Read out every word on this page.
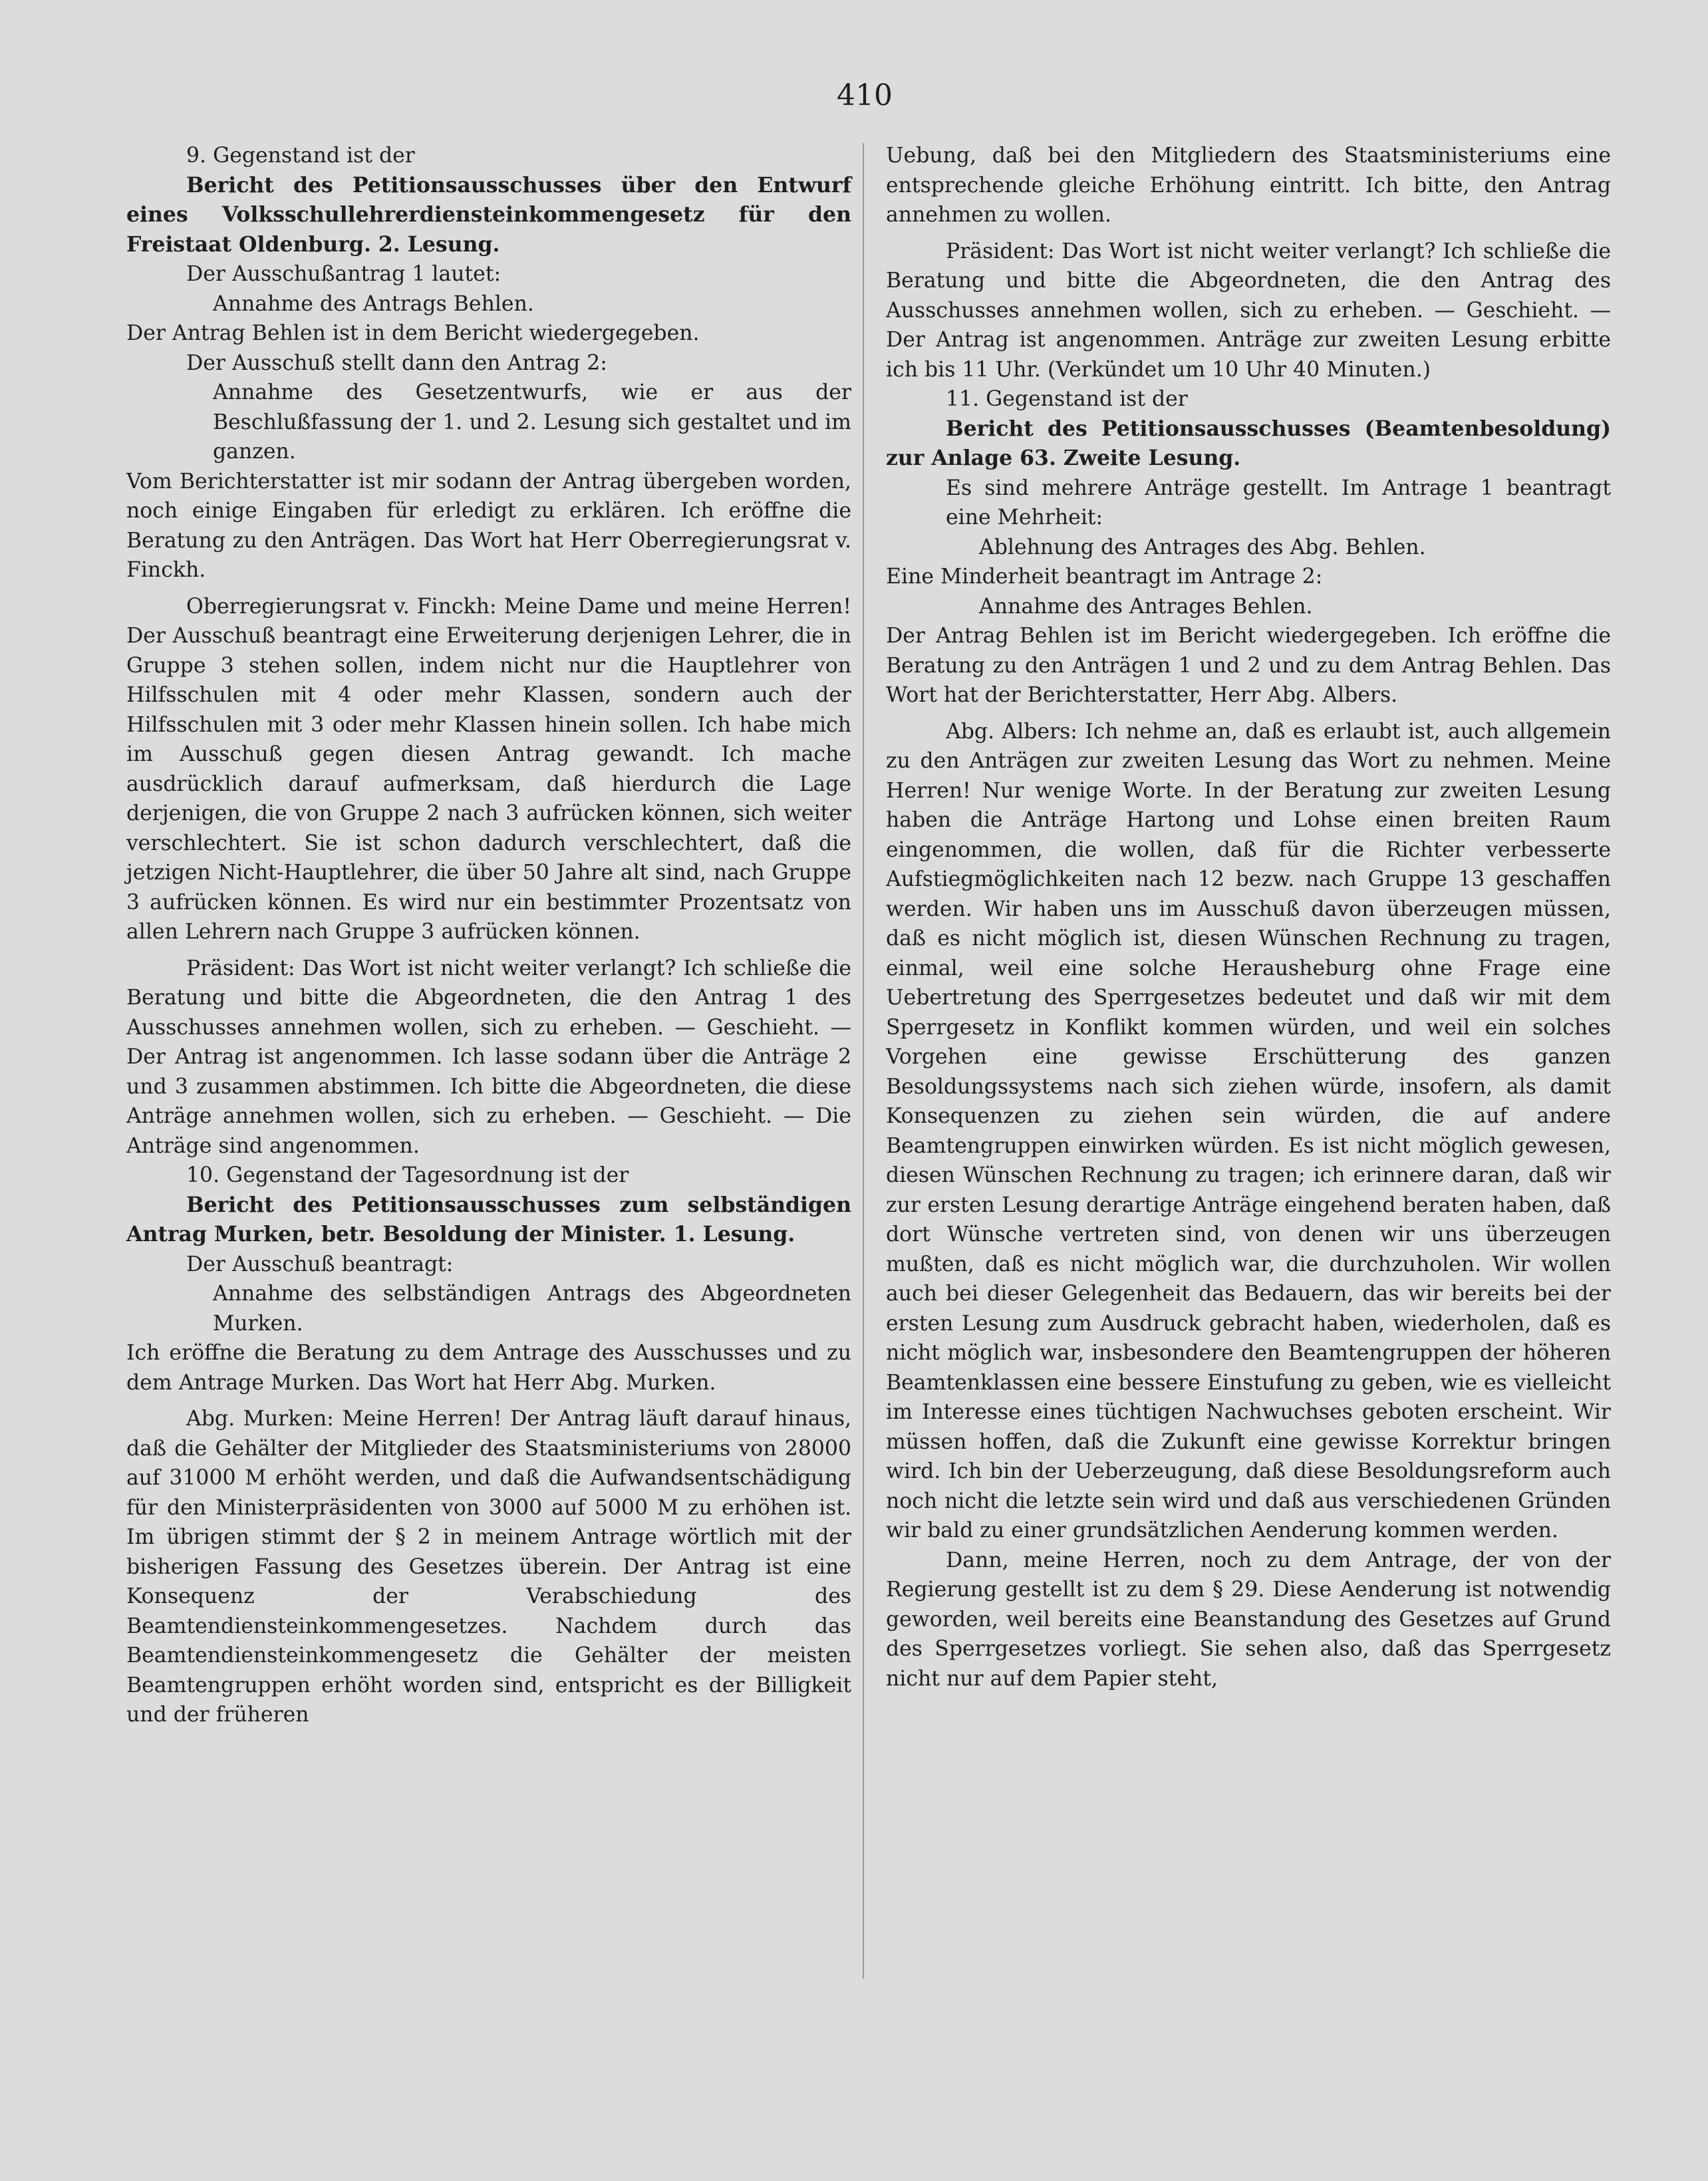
410

9. Gegenstand ist der

Bericht des Petitionsausschusses über den Entwurf eines Volksschullehrerdiensteinkommengesetz für den Freistaat Oldenburg. 2. Lesung.

Der Ausschußantrag 1 lautet:

Annahme des Antrags Behlen.

Der Antrag Behlen ist in dem Bericht wiedergegeben.

Der Ausschuß stellt dann den Antrag 2:

Annahme des Gesetzentwurfs, wie er aus der Beschlußfassung der 1. und 2. Lesung sich gestaltet und im ganzen.

Vom Berichterstatter ist mir sodann der Antrag übergeben worden, noch einige Eingaben für erledigt zu erklären. Ich eröffne die Beratung zu den Anträgen. Das Wort hat Herr Oberregierungsrat v. Finckh.

Oberregierungsrat v. Finckh: Meine Dame und meine Herren! Der Ausschuß beantragt eine Erweiterung derjenigen Lehrer, die in Gruppe 3 stehen sollen, indem nicht nur die Hauptlehrer von Hilfsschulen mit 4 oder mehr Klassen, sondern auch der Hilfsschulen mit 3 oder mehr Klassen hinein sollen. Ich habe mich im Ausschuß gegen diesen Antrag gewandt. Ich mache ausdrücklich darauf aufmerksam, daß hierdurch die Lage derjenigen, die von Gruppe 2 nach 3 aufrücken können, sich weiter verschlechtert. Sie ist schon dadurch verschlechtert, daß die jetzigen Nicht-Hauptlehrer, die über 50 Jahre alt sind, nach Gruppe 3 aufrücken können. Es wird nur ein bestimmter Prozentsatz von allen Lehrern nach Gruppe 3 aufrücken können.

Präsident: Das Wort ist nicht weiter verlangt? Ich schließe die Beratung und bitte die Abgeordneten, die den Antrag 1 des Ausschusses annehmen wollen, sich zu erheben. — Geschieht. — Der Antrag ist angenommen. Ich lasse sodann über die Anträge 2 und 3 zusammen abstimmen. Ich bitte die Abgeordneten, die diese Anträge annehmen wollen, sich zu erheben. — Geschieht. — Die Anträge sind angenommen.

10. Gegenstand der Tagesordnung ist der

Bericht des Petitionsausschusses zum selbständigen Antrag Murken, betr. Besoldung der Minister. 1. Lesung.

Der Ausschuß beantragt:

Annahme des selbständigen Antrags des Abgeordneten Murken.

Ich eröffne die Beratung zu dem Antrage des Ausschusses und zu dem Antrage Murken. Das Wort hat Herr Abg. Murken.

Abg. Murken: Meine Herren! Der Antrag läuft darauf hinaus, daß die Gehälter der Mitglieder des Staatsministeriums von 28000 auf 31000 M erhöht werden, und daß die Aufwandsentschädigung für den Ministerpräsidenten von 3000 auf 5000 M zu erhöhen ist. Im übrigen stimmt der § 2 in meinem Antrage wörtlich mit der bisherigen Fassung des Gesetzes überein. Der Antrag ist eine Konsequenz der Verabschiedung des Beamtendiensteinkommengesetzes. Nachdem durch das Beamtendiensteinkommengesetz die Gehälter der meisten Beamtengruppen erhöht worden sind, entspricht es der Billigkeit und der früheren

Uebung, daß bei den Mitgliedern des Staatsministeriums eine entsprechende gleiche Erhöhung eintritt. Ich bitte, den Antrag annehmen zu wollen.

Präsident: Das Wort ist nicht weiter verlangt? Ich schließe die Beratung und bitte die Abgeordneten, die den Antrag des Ausschusses annehmen wollen, sich zu erheben. — Geschieht. — Der Antrag ist angenommen. Anträge zur zweiten Lesung erbitte ich bis 11 Uhr. (Verkündet um 10 Uhr 40 Minuten.)

11. Gegenstand ist der

Bericht des Petitionsausschusses (Beamtenbesoldung) zur Anlage 63. Zweite Lesung.

Es sind mehrere Anträge gestellt. Im Antrage 1 beantragt eine Mehrheit:

Ablehnung des Antrages des Abg. Behlen.

Eine Minderheit beantragt im Antrage 2:

Annahme des Antrages Behlen.

Der Antrag Behlen ist im Bericht wiedergegeben. Ich eröffne die Beratung zu den Anträgen 1 und 2 und zu dem Antrag Behlen. Das Wort hat der Berichterstatter, Herr Abg. Albers.

Abg. Albers: Ich nehme an, daß es erlaubt ist, auch allgemein zu den Anträgen zur zweiten Lesung das Wort zu nehmen. Meine Herren! Nur wenige Worte. In der Beratung zur zweiten Lesung haben die Anträge Hartong und Lohse einen breiten Raum eingenommen, die wollen, daß für die Richter verbesserte Aufstiegmöglichkeiten nach 12 bezw. nach Gruppe 13 geschaffen werden. Wir haben uns im Ausschuß davon überzeugen müssen, daß es nicht möglich ist, diesen Wünschen Rechnung zu tragen, einmal, weil eine solche Herausheburg ohne Frage eine Uebertretung des Sperrgesetzes bedeutet und daß wir mit dem Sperrgesetz in Konflikt kommen würden, und weil ein solches Vorgehen eine gewisse Erschütterung des ganzen Besoldungssystems nach sich ziehen würde, insofern, als damit Konsequenzen zu ziehen sein würden, die auf andere Beamtengruppen einwirken würden. Es ist nicht möglich gewesen, diesen Wünschen Rechnung zu tragen; ich erinnere daran, daß wir zur ersten Lesung derartige Anträge eingehend beraten haben, daß dort Wünsche vertreten sind, von denen wir uns überzeugen mußten, daß es nicht möglich war, die durchzuholen. Wir wollen auch bei dieser Gelegenheit das Bedauern, das wir bereits bei der ersten Lesung zum Ausdruck gebracht haben, wiederholen, daß es nicht möglich war, insbesondere den Beamtengruppen der höheren Beamtenklassen eine bessere Einstufung zu geben, wie es vielleicht im Interesse eines tüchtigen Nachwuchses geboten erscheint. Wir müssen hoffen, daß die Zukunft eine gewisse Korrektur bringen wird. Ich bin der Ueberzeugung, daß diese Besoldungsreform auch noch nicht die letzte sein wird und daß aus verschiedenen Gründen wir bald zu einer grundsätzlichen Aenderung kommen werden.

Dann, meine Herren, noch zu dem Antrage, der von der Regierung gestellt ist zu dem § 29. Diese Aenderung ist notwendig geworden, weil bereits eine Beanstandung des Gesetzes auf Grund des Sperrgesetzes vorliegt. Sie sehen also, daß das Sperrgesetz nicht nur auf dem Papier steht,
